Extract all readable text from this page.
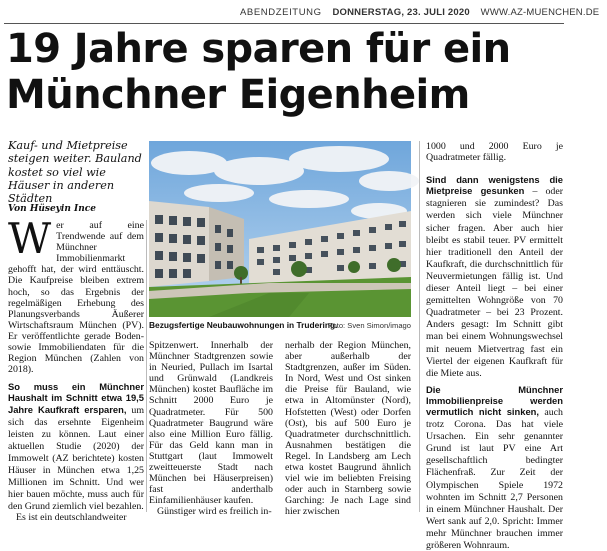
ABENDZEITUNG DONNERSTAG, 23. JULI 2020 WWW.AZ-MUENCHEN.DE
19 Jahre sparen für ein
Münchner Eigenheim
Kauf- und Mietpreise steigen weiter. Bauland kostet so viel wie Häuser in anderen Städten
Von Hüseyin Ince

Wer auf eine Trendwende auf dem Münchner Immobilienmarkt gehofft hat, der wird enttäuscht. Die Kaufpreise bleiben extrem hoch, so das Ergebnis der regelmäßigen Erhebung des Planungsverbands Äußerer Wirtschaftsraum München (PV). Er veröffentlichte gerade Boden- sowie Immobiliendaten für die Region München (Zahlen von 2018).

So muss ein Münchner Haushalt im Schnitt etwa 19,5 Jahre Kaufkraft ersparen, um sich das ersehnte Eigenheim leisten zu können. Laut einer aktuellen Studie (2020) der Immowelt (AZ berichtete) kosten Häuser in München etwa 1,25 Millionen im Schnitt. Und wer hier bauen möchte, muss auch für den Grund ziemlich viel bezahlen.

Es ist ein deutschlandweiter

Bezugsfertige Neubauwohnungen in Trudering.
Foto: Sven Simon/imago

Spitzenwert. Innerhalb der Münchner Stadtgrenzen sowie in Neuried, Pullach im Isartal und Grünwald (Landkreis München) kostet Baufläche im Schnitt 2000 Euro je Quadratmeter. Für 500 Quadratmeter Baugrund wäre also eine Million Euro fällig. Für das Geld kann man in Stuttgart (laut Immowelt zweitteuerste Stadt nach München bei Häuserpreisen) fast anderthalb Einfamilienhäuser kaufen.

Günstiger wird es freilich in-

nerhalb der Region München, aber außerhalb der Stadtgrenzen, außer im Süden. In Nord, West und Ost sinken die Preise für Bauland, wie etwa in Altomünster (Nord), Hofstetten (West) oder Dorfen (Ost), bis auf 500 Euro je Quadratmeter durchschnittlich. Ausnahmen bestätigen die Regel. In Landsberg am Lech etwa kostet Baugrund ähnlich viel wie im beliebten Freising oder auch in Starnberg sowie Garching: Je nach Lage sind hier zwischen

1000 und 2000 Euro je Quadratmeter fällig.

Sind dann wenigstens die Mietpreise gesunken – oder stagnieren sie zumindest? Das werden sich viele Münchner sicher fragen. Aber auch hier bleibt es stabil teuer. PV ermittelt hier traditionell den Anteil der Kaufkraft, die durchschnittlich für Neuvermietungen fällig ist. Und dieser Anteil liegt – bei einer gemittelten Wohngröße von 70 Quadratmeter – bei 23 Prozent. Anders gesagt: Im Schnitt gibt man bei einem Wohnungswechsel mit neuem Mietvertrag fast ein Viertel der eigenen Kaufkraft für die Miete aus.

Die Münchner Immobilienpreise werden vermutlich nicht sinken, auch trotz Corona. Das hat viele Ursachen. Ein sehr genannter Grund ist laut PV eine Art gesellschaftlich bedingter Flächenfraß. Zur Zeit der Olympischen Spiele 1972 wohnten im Schnitt 2,7 Personen in einem Münchner Haushalt. Der Wert sank auf 2,0. Spricht: Immer mehr Münchner brauchen immer größeren Wohnraum.
